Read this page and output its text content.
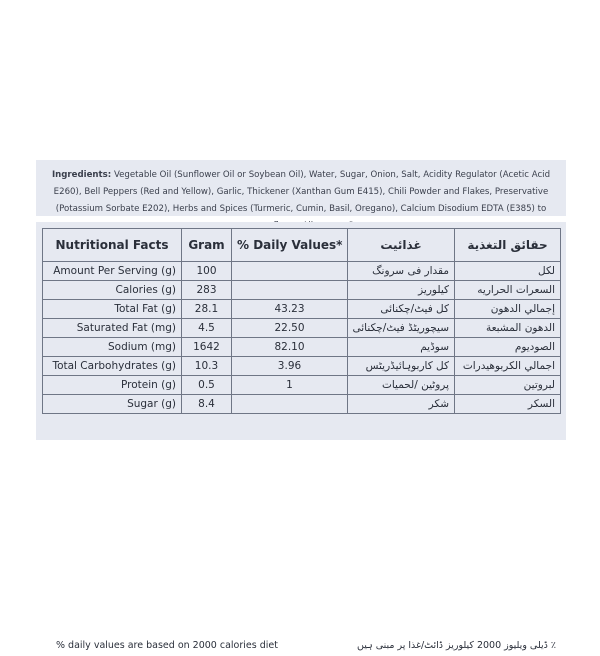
Ingredients: Vegetable Oil (Sunflower Oil or Soybean Oil), Water, Sugar, Onion, Salt, Acidity Regulator (Acetic Acid E260), Bell Peppers (Red and Yellow), Garlic, Thickener (Xanthan Gum E415), Chili Powder and Flakes, Preservative (Potassium Sorbate E202), Herbs and Spices (Turmeric, Cumin, Basil, Oregano), Calcium Disodium EDTA (E385) to
Nutritional Facts	Gram	% Daily Values*	غذائيت	حقائق التغذية
Amount Per Serving (g)	100		مقدار فی سرونگ	لكل
Calories (g)	283		کیلوریز	السعرات الحراريه
Total Fat (g)	28.1	43.23	کل فیٹ/چکنائی	إجمالي الدهون
Saturated Fat (mg)	4.5	22.50	سیچوریٹڈ فیٹ/چکنائی	الدهون المشبعة
Sodium (mg)	1642	82.10	سوڈیم	الصوديوم
Total Carbohydrates (g)	10.3	3.96	کل کاربوہائیڈریٹس	اجمالي الكربوهيدرات
Protein (g)	0.5	1	پروٹین /لحميات	لبروتين
Sugar (g)	8.4		شکر	السكر
% daily values are based on 2000 calories diet	٪ ڈیلی ویلیوز 2000 کیلوریز ڈائٹ/غذا پر مبنی ہیں
